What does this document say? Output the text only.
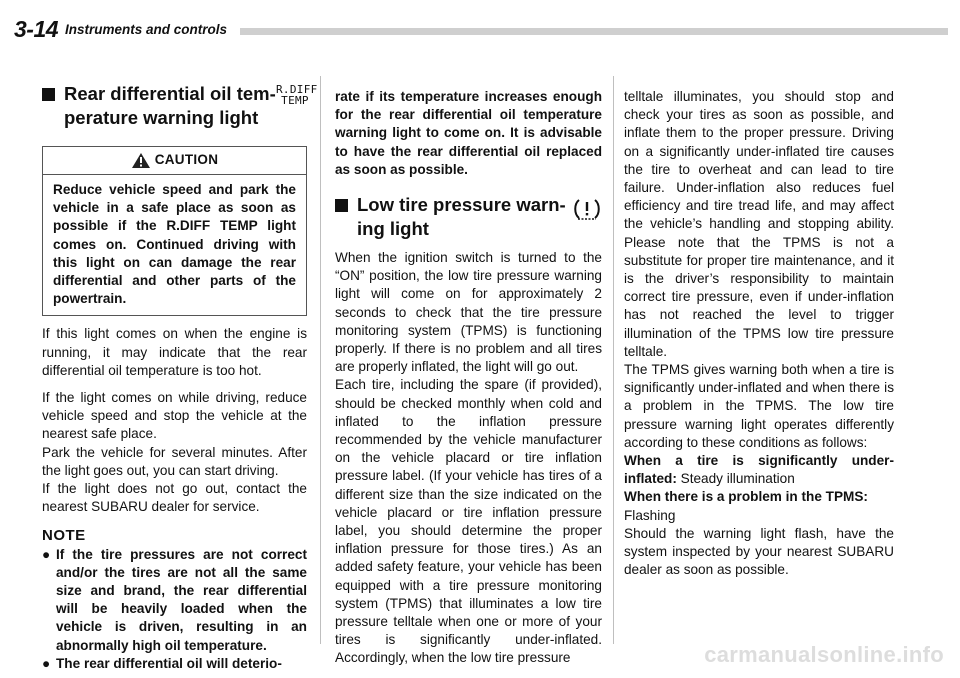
3-14 Instruments and controls
Rear differential oil tem-
perature warning light
R.DIFF
TEMP
CAUTION
Reduce vehicle speed and park the vehicle in a safe place as soon as possible if the R.DIFF TEMP light comes on. Continued driving with this light on can damage the rear differential and other parts of the powertrain.

If this light comes on when the engine is running, it may indicate that the rear differential oil temperature is too hot.

If the light comes on while driving, reduce vehicle speed and stop the vehicle at the nearest safe place.

Park the vehicle for several minutes. After the light goes out, you can start driving.

If the light does not go out, contact the nearest SUBARU dealer for service.

NOTE

● If the tire pressures are not correct and/or the tires are not all the same size and brand, the rear differential will be heavily loaded when the vehicle is driven, resulting in an abnormally high oil temperature.

● The rear differential oil will deterio-

rate if its temperature increases enough for the rear differential oil temperature warning light to come on. It is advisable to have the rear differential oil replaced as soon as possible.

Low tire pressure warn-
ing light

When the ignition switch is turned to the “ON” position, the low tire pressure warning light will come on for approximately 2 seconds to check that the tire pressure monitoring system (TPMS) is functioning properly. If there is no problem and all tires are properly inflated, the light will go out.

Each tire, including the spare (if provided), should be checked monthly when cold and inflated to the inflation pressure recommended by the vehicle manufacturer on the vehicle placard or tire inflation pressure label. (If your vehicle has tires of a different size than the size indicated on the vehicle placard or tire inflation pressure label, you should determine the proper inflation pressure for those tires.) As an added safety feature, your vehicle has been equipped with a tire pressure monitoring system (TPMS) that illuminates a low tire pressure telltale when one or more of your tires is significantly under-inflated. Accordingly, when the low tire pressure

telltale illuminates, you should stop and check your tires as soon as possible, and inflate them to the proper pressure. Driving on a significantly under-inflated tire causes the tire to overheat and can lead to tire failure. Under-inflation also reduces fuel efficiency and tire tread life, and may affect the vehicle’s handling and stopping ability. Please note that the TPMS is not a substitute for proper tire maintenance, and it is the driver’s responsibility to maintain correct tire pressure, even if under-inflation has not reached the level to trigger illumination of the TPMS low tire pressure telltale.

The TPMS gives warning both when a tire is significantly under-inflated and when there is a problem in the TPMS. The low tire pressure warning light operates differently according to these conditions as follows:

When a tire is significantly under-inflated: Steady illumination

When there is a problem in the TPMS:
Flashing

Should the warning light flash, have the system inspected by your nearest SUBARU dealer as soon as possible.

carmanualsonline.info
